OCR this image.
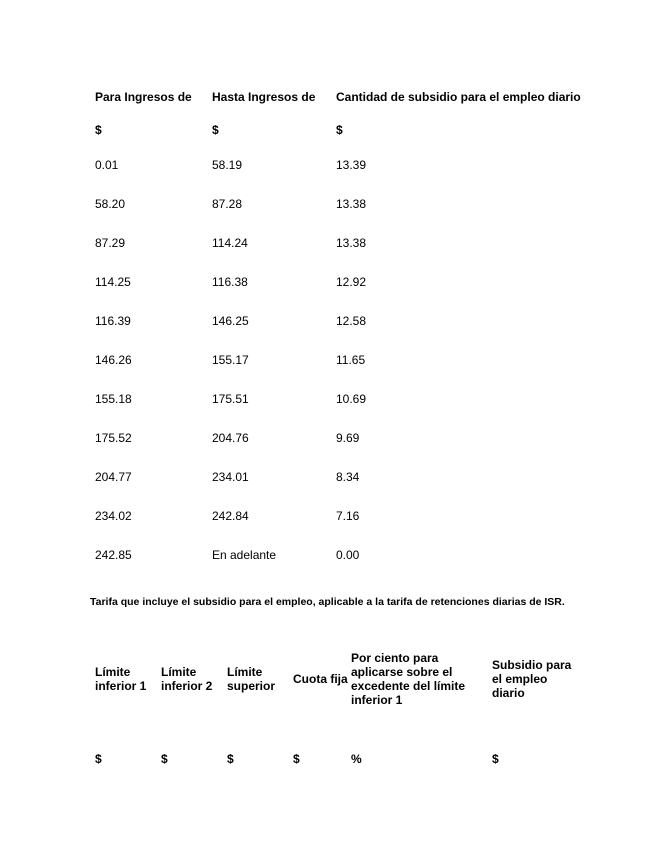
Para Ingresos de	Hasta Ingresos de	Cantidad de subsidio para el empleo diario
$	$	$
0.01	58.19	13.39
58.20	87.28	13.38
87.29	114.24	13.38
114.25	116.38	12.92
116.39	146.25	12.58
146.26	155.17	11.65
155.18	175.51	10.69
175.52	204.76	9.69
204.77	234.01	8.34
234.02	242.84	7.16
242.85	En adelante	0.00
Tarifa que incluye el subsidio para el empleo, aplicable a la tarifa de retenciones diarias de ISR.
Límite inferior 1	Límite inferior 2	Límite superior	Cuota fija	Por ciento para aplicarse sobre el excedente del límite inferior 1	Subsidio para el empleo diario
$	$	$	$	%	$
